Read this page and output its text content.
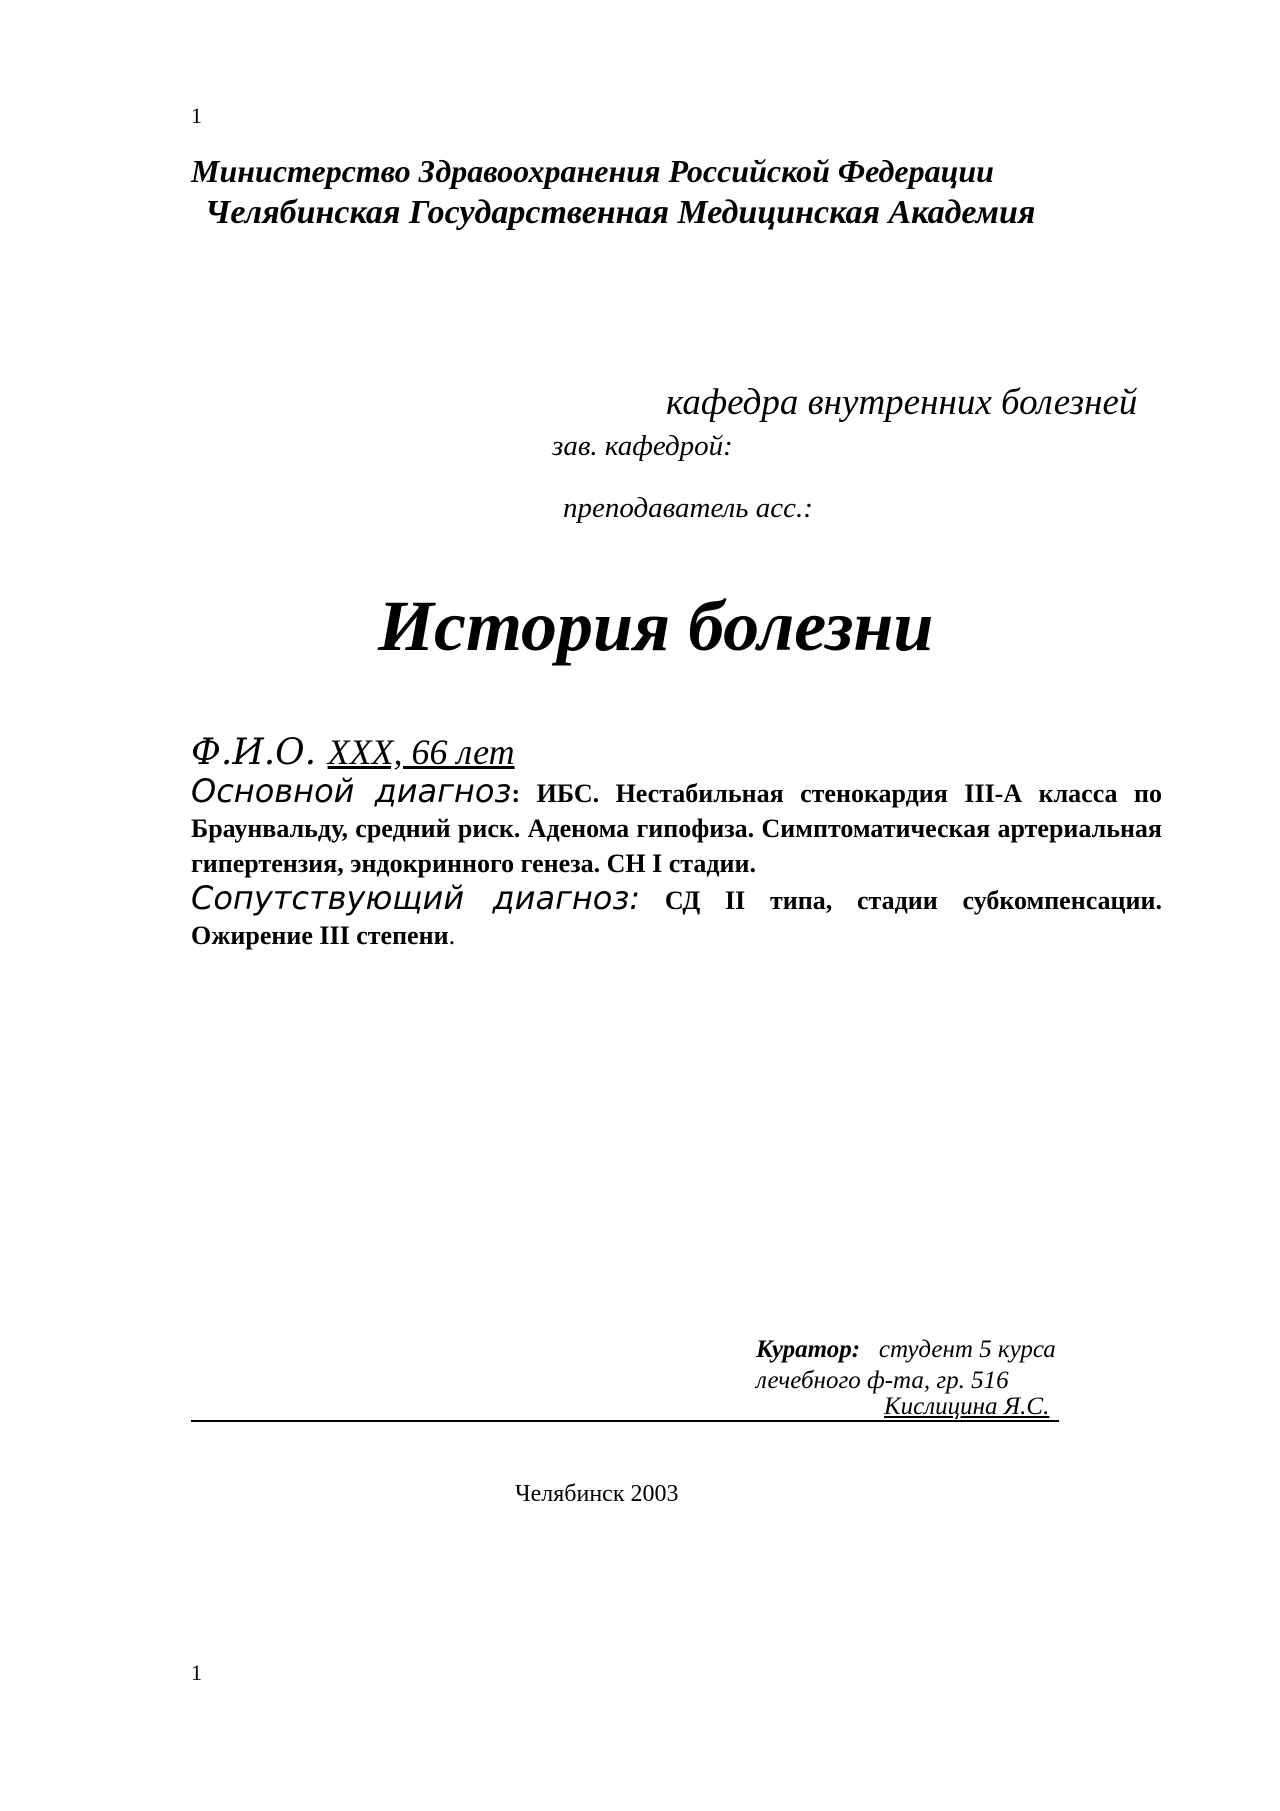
1
Министерство Здравоохранения Российской Федерации
Челябинская Государственная Медицинская Академия
кафедра внутренних болезней
зав. кафедрой:
преподаватель асс.:
История болезни
Ф.И.О. ХХХ, 66 лет

Основной диагноз: ИБС. Нестабильная стенокардия III-А класса по Браунвальду, средний риск. Аденома гипофиза. Симптоматическая артериальная гипертензия, эндокринного генеза. СН I стадии.

Сопутствующий диагноз: СД II типа, стадии субкомпенсации. Ожирение III степени.

Куратор: студент 5 курса
лечебного ф-та, гр. 516
Кислицина Я.С.
Челябинск 2003
1
